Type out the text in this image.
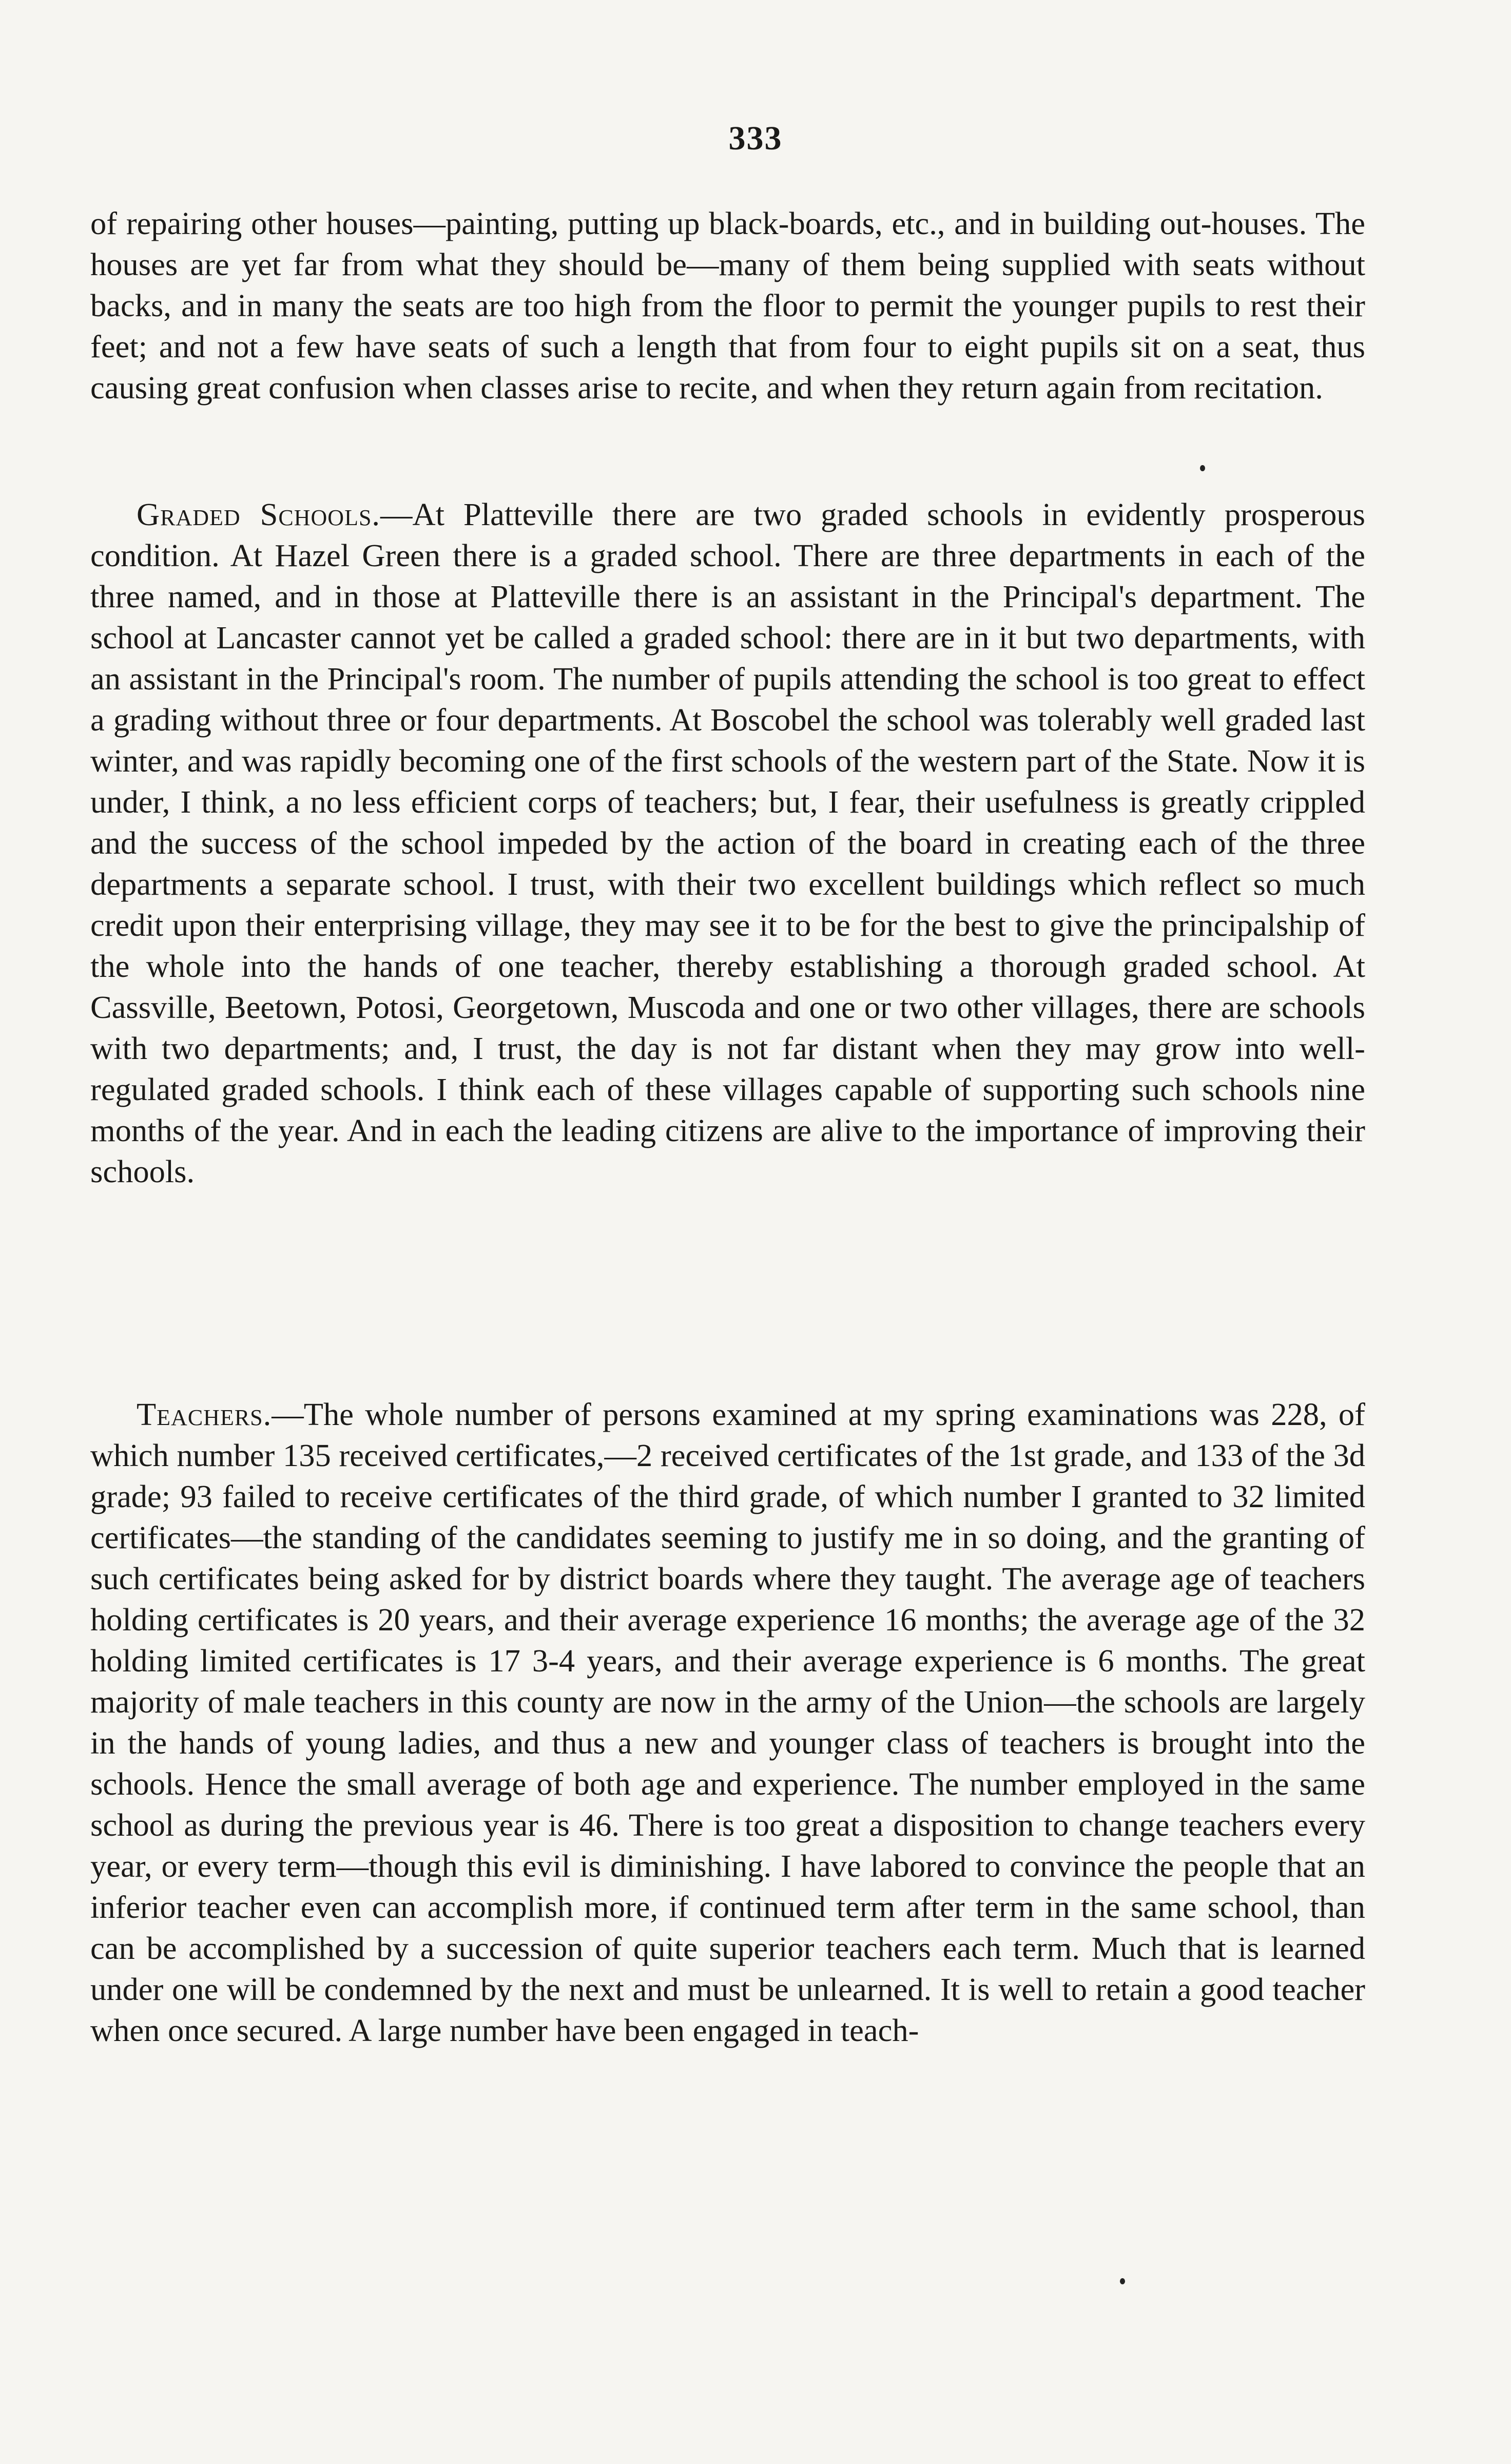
333
of repairing other houses—painting, putting up black-boards, etc., and in building out-houses. The houses are yet far from what they should be—many of them being supplied with seats without backs, and in many the seats are too high from the floor to permit the younger pupils to rest their feet; and not a few have seats of such a length that from four to eight pupils sit on a seat, thus causing great confusion when classes arise to recite, and when they return again from recitation.
Graded Schools.—At Platteville there are two graded schools in evidently prosperous condition. At Hazel Green there is a graded school. There are three departments in each of the three named, and in those at Platteville there is an assistant in the Principal's department. The school at Lancaster cannot yet be called a graded school: there are in it but two departments, with an assistant in the Principal's room. The number of pupils attending the school is too great to effect a grading without three or four departments. At Boscobel the school was tolerably well graded last winter, and was rapidly becoming one of the first schools of the western part of the State. Now it is under, I think, a no less efficient corps of teachers; but, I fear, their usefulness is greatly crippled and the success of the school impeded by the action of the board in creating each of the three departments a separate school. I trust, with their two excellent buildings which reflect so much credit upon their enterprising village, they may see it to be for the best to give the principalship of the whole into the hands of one teacher, thereby establishing a thorough graded school. At Cassville, Beetown, Potosi, Georgetown, Muscoda and one or two other villages, there are schools with two departments; and, I trust, the day is not far distant when they may grow into well-regulated graded schools. I think each of these villages capable of supporting such schools nine months of the year. And in each the leading citizens are alive to the importance of improving their schools.
Teachers.—The whole number of persons examined at my spring examinations was 228, of which number 135 received certificates,—2 received certificates of the 1st grade, and 133 of the 3d grade; 93 failed to receive certificates of the third grade, of which number I granted to 32 limited certificates—the standing of the candidates seeming to justify me in so doing, and the granting of such certificates being asked for by district boards where they taught. The average age of teachers holding certificates is 20 years, and their average experience 16 months; the average age of the 32 holding limited certificates is 17 3-4 years, and their average experience is 6 months. The great majority of male teachers in this county are now in the army of the Union—the schools are largely in the hands of young ladies, and thus a new and younger class of teachers is brought into the schools. Hence the small average of both age and experience. The number employed in the same school as during the previous year is 46. There is too great a disposition to change teachers every year, or every term—though this evil is diminishing. I have labored to convince the people that an inferior teacher even can accomplish more, if continued term after term in the same school, than can be accomplished by a succession of quite superior teachers each term. Much that is learned under one will be condemned by the next and must be unlearned. It is well to retain a good teacher when once secured. A large number have been engaged in teach-
